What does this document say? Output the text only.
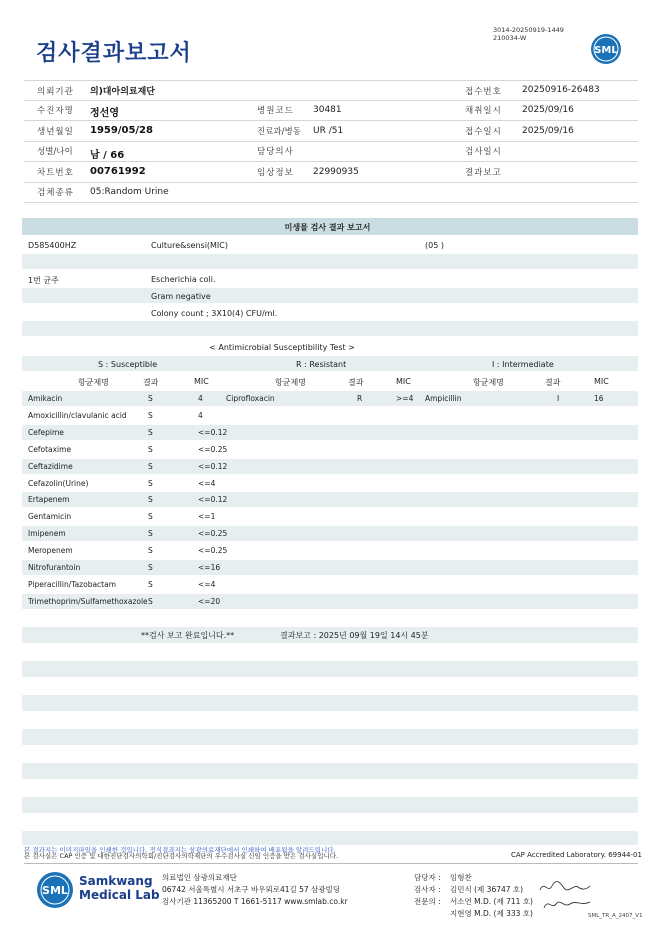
검사결과보고서
3014-20250919-1449
210034-W
SML
의뢰기관 의)대아의료재단	접수번호 20250916-26483
수진자명 정선영	병원코드 30481	채취일시 2025/09/16
생년월일 1959/05/28	진료과/병동 UR /51	접수일시 2025/09/16
성별/나이 남 / 66	담당의사	검사일시
차트번호 00761992	임상정보 22990935	결과보고
검체종류 05:Random Urine
미생물 검사 결과 보고서
D585400HZ	Culture&sensi(MIC)	(05 )
1번 균주	Escherichia coli.
Gram negative
Colony count ; 3X10(4) CFU/ml.
< Antimicrobial Susceptibility Test >
S : Susceptible	R : Resistant	I : Intermediate
항균제명	결과	MIC	항균제명	결과	MIC	항균제명	결과	MIC
Amikacin	S	4	Ciprofloxacin	R	>=4 Ampicillin	I	16
Amoxicillin/clavulanic acid	S	4
Cefepime	S	<=0.12
Cefotaxime	S	<=0.25
Ceftazidime	S	<=0.12
Cefazolin(Urine)	S	<=4
Ertapenem	S	<=0.12
Gentamicin	S	<=1
Imipenem	S	<=0.25
Meropenem	S	<=0.25
Nitrofurantoin	S	<=16
Piperacillin/Tazobactam	S	<=4
Trimethoprim/Sulfamethoxazole S	<=20
**검사 보고 완료입니다.**	결과보고 : 2025년 09월 19일 14시 45분
본 결과지는 이미지파일을 인쇄한 것입니다. 정식결과지는 삼광의료재단에서 인쇄하여 배포됨을 알려드립니다.
본 검사실은 CAP 인증 및 대한진단검사의학회/진단검사의학재단의 우수검사실 신임 인증을 받은 검사실입니다.	CAP Accredited Laboratory. 69944-01
SML
Samkwang
Medical Lab
의료법인 삼광의료재단
06742 서울특별시 서초구 바우뫼로41길 57 삼광빌딩
검사기관 11365200 T 1661-5117 www.smlab.co.kr
담당자 :
검사자 :
전문의 :
임형찬
김민식 (제 36747 호)
서소연 M.D. (제 711 호)
지현영 M.D. (제 333 호)	SML_TR_A_2407_V1
